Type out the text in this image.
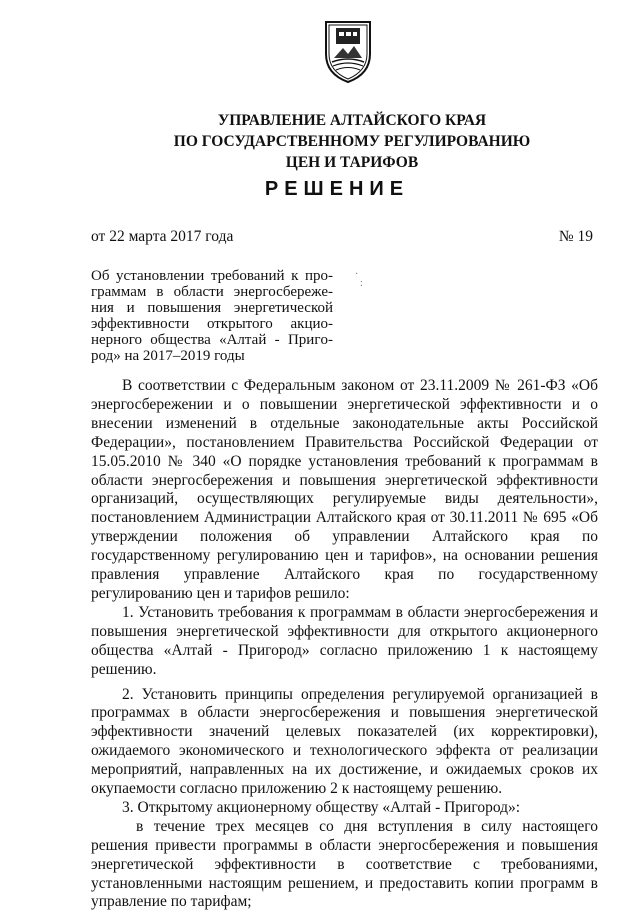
УПРАВЛЕНИЕ АЛТАЙСКОГО КРАЯ
ПО ГОСУДАРСТВЕННОМУ РЕГУЛИРОВАНИЮ
ЦЕН И ТАРИФОВ
РЕШЕНИЕ
от 22 марта 2017 года	№ 19
·
:
Об установлении требований к про-
граммам в области энергосбереже-
ния и повышения энергетической
эффективности открытого акцио-
нерного общества «Алтай - Пригo-
род» на 2017–2019 годы

В соответствии с Федеральным законом от 23.11.2009 № 261-ФЗ «Об энергосбережении и о повышении энергетической эффективности и о внесении изменений в отдельные законодательные акты Российской Федерации», постановлением Правительства Российской Федерации от 15.05.2010 № 340 «О порядке установления требований к программам в области энергосбережения и повышения энергетической эффективности организаций, осуществляющих регулируемые виды деятельности», постановлением Администрации Алтайского края от 30.11.2011 № 695 «Об утверждении положения об управлении Алтайского края по государственному регулированию цен и тарифов», на основании решения правления управление Алтайского края по государственному регулированию цен и тарифов решило:

1. Установить требования к программам в области энергосбережения и повышения энергетической эффективности для открытого акционерного общества «Алтай - Пригород» согласно приложению 1 к настоящему решению.

2. Установить принципы определения регулируемой организацией в программах в области энергосбережения и повышения энергетической эффективности значений целевых показателей (их корректировки), ожидаемого экономического и технологического эффекта от реализации мероприятий, направленных на их достижение, и ожидаемых сроков их окупаемости согласно приложению 2 к настоящему решению.

3. Открытому акционерному обществу «Алтай - Пригород»:

в течение трех месяцев со дня вступления в силу настоящего решения привести программы в области энергосбережения и повышения энергетической эффективности в соответствие с требованиями, установленными настоящим решением, и предоставить копии программ в управление по тарифам;
